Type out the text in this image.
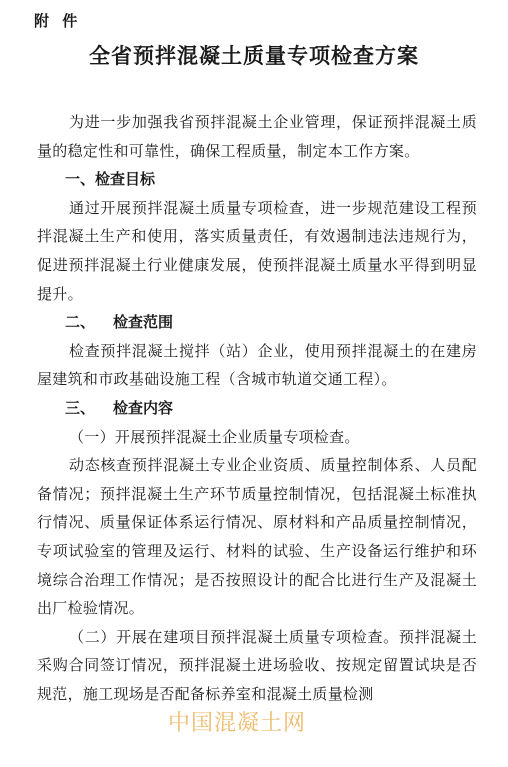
附 件
全省预拌混凝土质量专项检查方案

为进一步加强我省预拌混凝土企业管理，保证预拌混凝土质量的稳定性和可靠性，确保工程质量，制定本工作方案。

一、检查目标

通过开展预拌混凝土质量专项检查，进一步规范建设工程预拌混凝土生产和使用，落实质量责任，有效遏制违法违规行为，促进预拌混凝土行业健康发展，使预拌混凝土质量水平得到明显提升。

二、 检查范围

检查预拌混凝土搅拌（站）企业，使用预拌混凝土的在建房屋建筑和市政基础设施工程（含城市轨道交通工程）。

三、 检查内容

（一）开展预拌混凝土企业质量专项检查。

动态核查预拌混凝土专业企业资质、质量控制体系、人员配备情况；预拌混凝土生产环节质量控制情况，包括混凝土标准执行情况、质量保证体系运行情况、原材料和产品质量控制情况，专项试验室的管理及运行、材料的试验、生产设备运行维护和环境综合治理工作情况；是否按照设计的配合比进行生产及混凝土出厂检验情况。

（二）开展在建项目预拌混凝土质量专项检查。预拌混凝土采购合同签订情况，预拌混凝土进场验收、按规定留置试块是否规范，施工现场是否配备标养室和混凝土质量检测

中国混凝土网
